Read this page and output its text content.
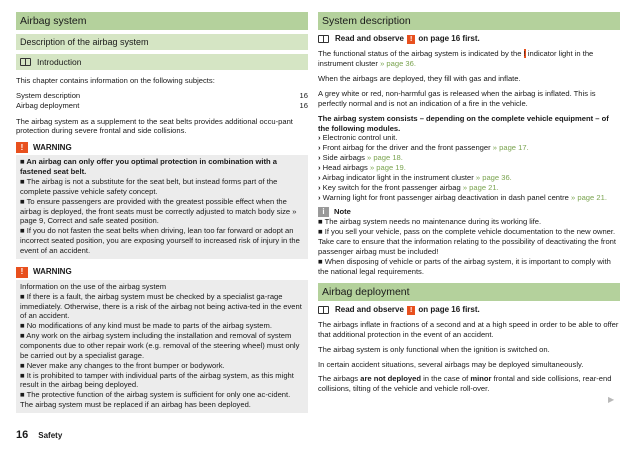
Airbag system
Description of the airbag system
Introduction

This chapter contains information on the following subjects:

System description	16
Airbag deployment	16

The airbag system as a supplement to the seat belts provides additional occu-pant protection during severe frontal and side collisions.

!	WARNING
■ An airbag can only offer you optimal protection in combination with a fastened seat belt.
■ The airbag is not a substitute for the seat belt, but instead forms part of the complete passive vehicle safety concept.
■ To ensure passengers are provided with the greatest possible effect when the airbag is deployed, the front seats must be correctly adjusted to match body size » page 9, Correct and safe seated position.
■ If you do not fasten the seat belts when driving, lean too far forward or adopt an incorrect seated position, you are exposing yourself to increased risk of injury in the event of an accident.
!	WARNING
Information on the use of the airbag system
■ If there is a fault, the airbag system must be checked by a specialist ga-rage immediately. Otherwise, there is a risk of the airbag not being activa-ted in the event of an accident.
■ No modifications of any kind must be made to parts of the airbag system.
■ Any work on the airbag system including the installation and removal of system components due to other repair work (e.g. removal of the steering wheel) must only be carried out by a specialist garage.
■ Never make any changes to the front bumper or bodywork.
■ It is prohibited to tamper with individual parts of the airbag system, as this might result in the airbag being deployed.
■ The protective function of the airbag system is sufficient for only one ac-cident. The airbag system must be replaced if an airbag has been deployed.
System description
Read and observe ! on page 16 first.

The functional status of the airbag system is indicated by the ! indicator light in the instrument cluster » page 36.

When the airbags are deployed, they fill with gas and inflate.

A grey white or red, non-harmful gas is released when the airbag is inflated. This is perfectly normal and is not an indication of a fire in the vehicle.

The airbag system consists – depending on the complete vehicle equipment – of the following modules.
› Electronic control unit.
› Front airbag for the driver and the front passenger » page 17.
› Side airbags » page 18.
› Head airbags » page 19.
› Airbag indicator light in the instrument cluster » page 36.
› Key switch for the front passenger airbag » page 21.
› Warning light for front passenger airbag deactivation in dash panel centre » page 21.
i	Note
■ The airbag system needs no maintenance during its working life.
■ If you sell your vehicle, pass on the complete vehicle documentation to the new owner. Take care to ensure that the information relating to the possibility of deactivating the front passenger airbag must be included!
■ When disposing of vehicle or parts of the airbag system, it is important to comply with the national legal requirements.
Airbag deployment
Read and observe ! on page 16 first.

The airbags inflate in fractions of a second and at a high speed in order to be able to offer that additional protection in the event of an accident.

The airbag system is only functional when the ignition is switched on.

In certain accident situations, several airbags may be deployed simultaneously.

The airbags are not deployed in the case of minor frontal and side collisions, rear-end collisions, tilting of the vehicle and vehicle roll-over.

▶
16 Safety
